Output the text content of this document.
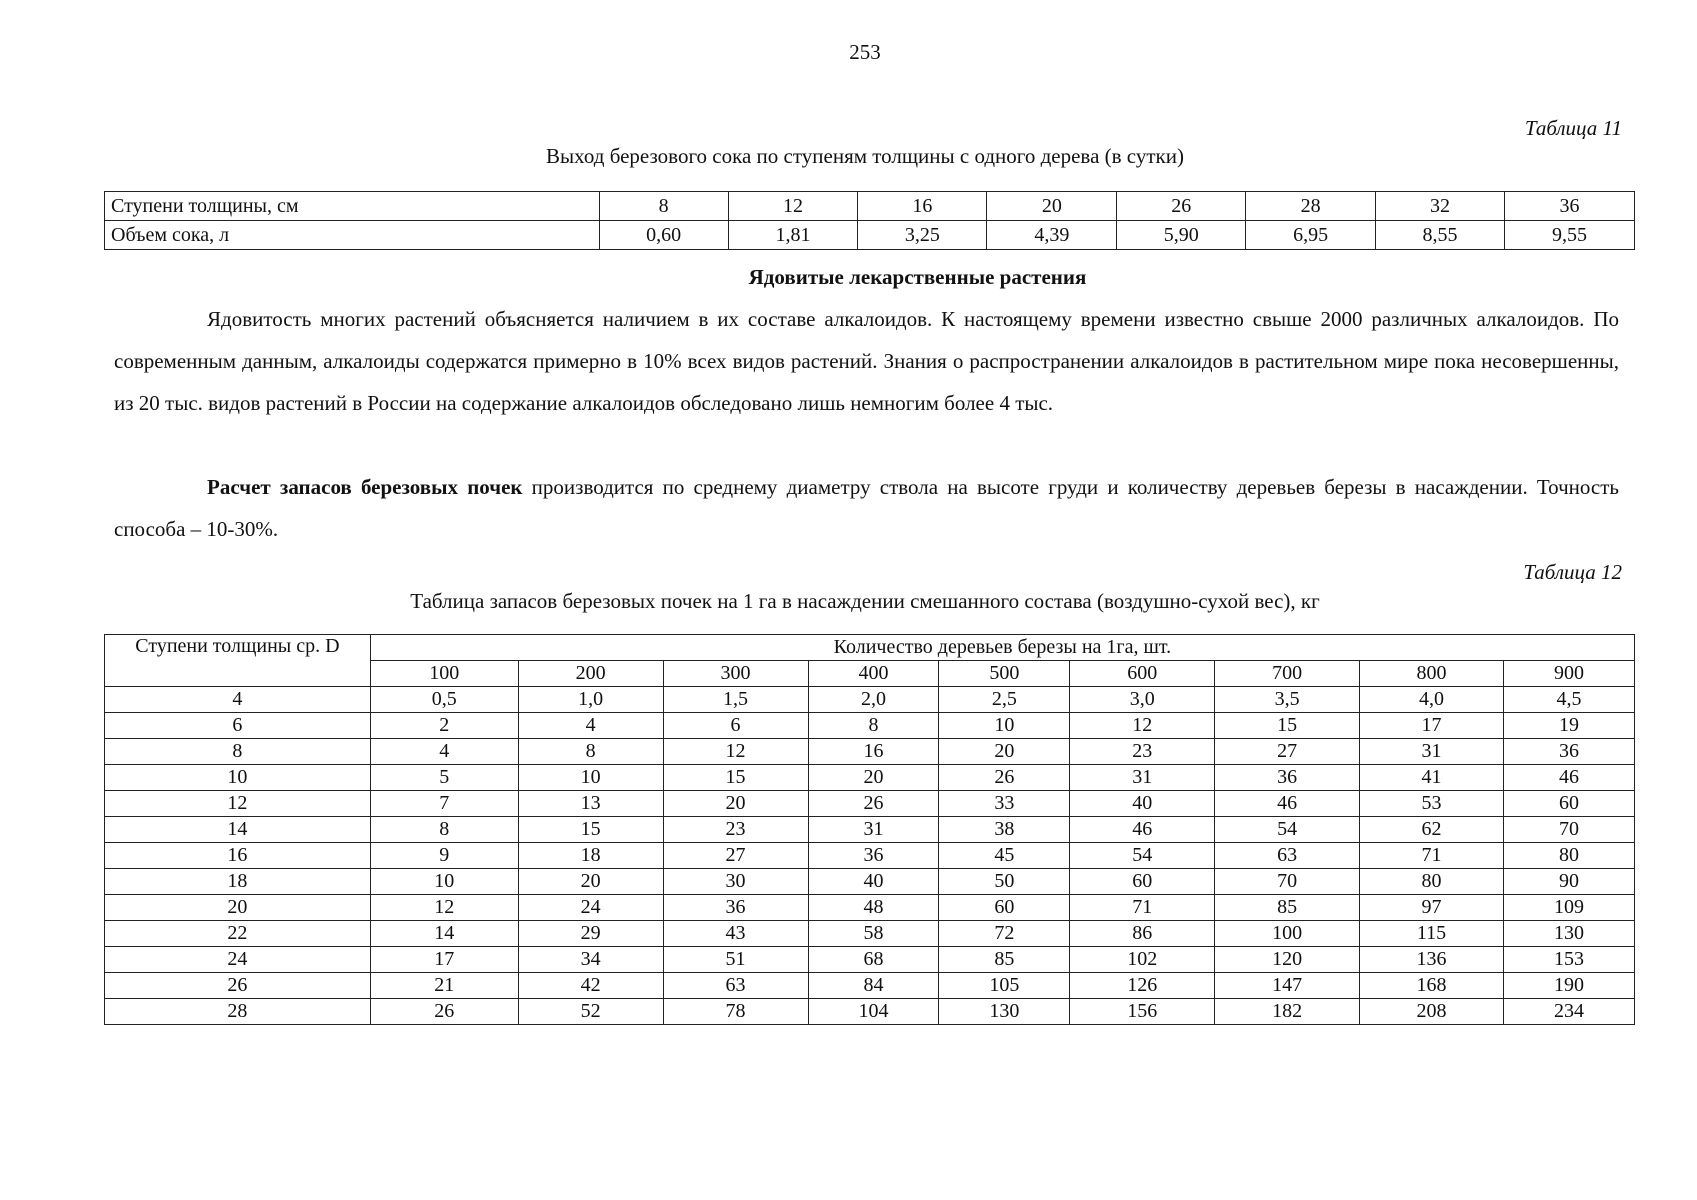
253
Таблица 11
Выход березового сока по ступеням толщины с одного дерева (в сутки)
Ступени толщины, см	8	12	16	20	26	28	32	36
Объем сока, л	0,60	1,81	3,25	4,39	5,90	6,95	8,55	9,55
Ядовитые лекарственные растения

Ядовитость многих растений объясняется наличием в их составе алкалоидов. К настоящему времени известно свыше 2000 различных алкалоидов. По современным данным, алкалоиды содержатся примерно в 10% всех видов растений. Знания о распространении алкалоидов в растительном мире пока несовершенны, из 20 тыс. видов растений в России на содержание алкалоидов обследовано лишь немногим более 4 тыс.

Расчет запасов березовых почек производится по среднему диаметру ствола на высоте груди и количеству деревьев березы в насаждении. Точность способа – 10-30%.

Таблица 12
Таблица запасов березовых почек на 1 га в насаждении смешанного состава (воздушно-сухой вес), кг
Ступени толщины ср. D	Количество деревьев березы на 1га, шт.								
	100	200	300	400	500	600	700	800	900
4	0,5	1,0	1,5	2,0	2,5	3,0	3,5	4,0	4,5
6	2	4	6	8	10	12	15	17	19
8	4	8	12	16	20	23	27	31	36
10	5	10	15	20	26	31	36	41	46
12	7	13	20	26	33	40	46	53	60
14	8	15	23	31	38	46	54	62	70
16	9	18	27	36	45	54	63	71	80
18	10	20	30	40	50	60	70	80	90
20	12	24	36	48	60	71	85	97	109
22	14	29	43	58	72	86	100	115	130
24	17	34	51	68	85	102	120	136	153
26	21	42	63	84	105	126	147	168	190
28	26	52	78	104	130	156	182	208	234
